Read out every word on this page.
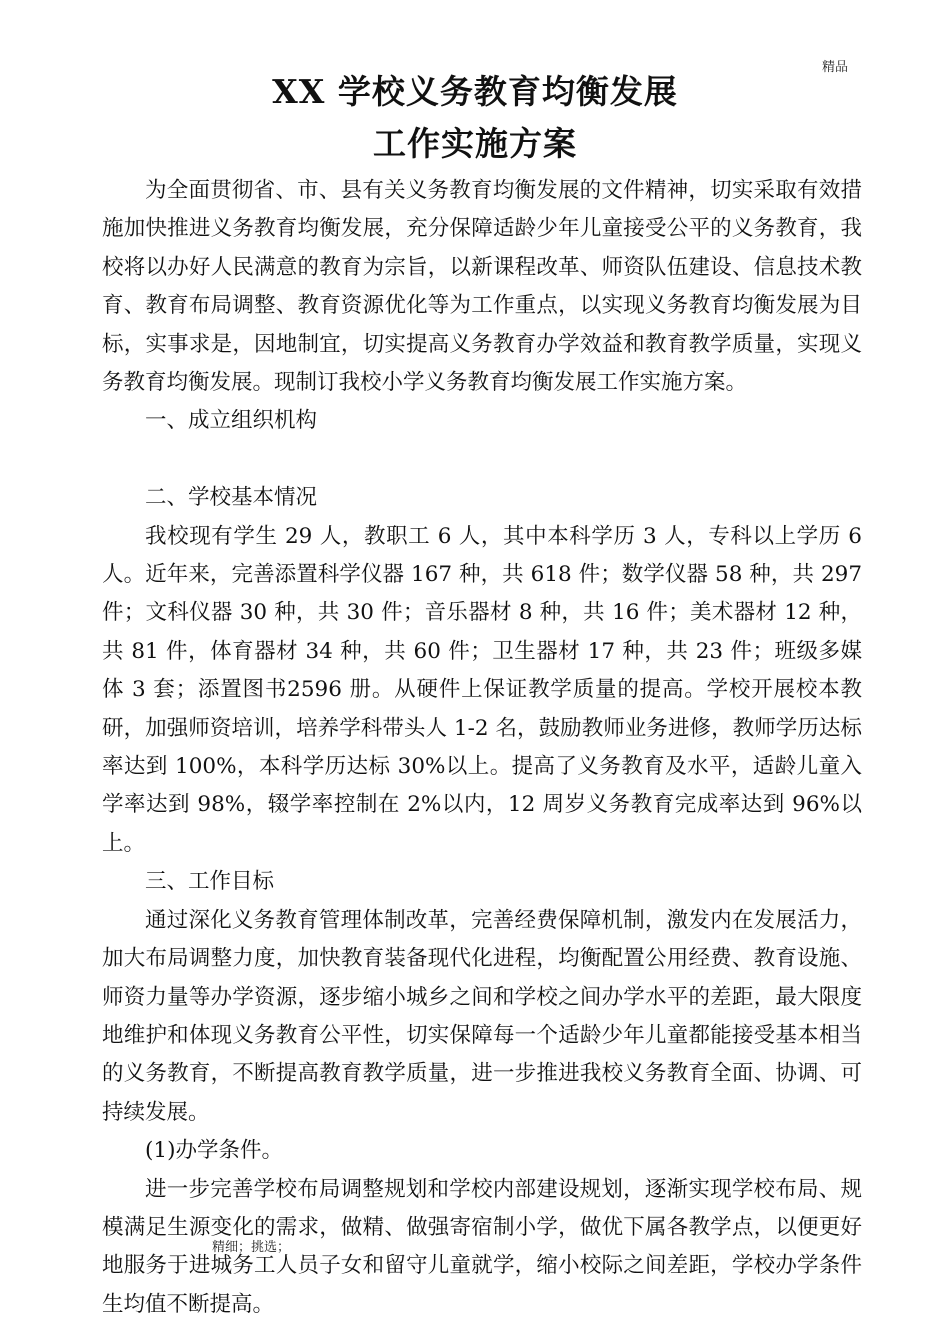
精品
XX 学校义务教育均衡发展
工作实施方案

为全面贯彻省、市、县有关义务教育均衡发展的文件精神，切实采取有效措施加快推进义务教育均衡发展，充分保障适龄少年儿童接受公平的义务教育，我校将以办好人民满意的教育为宗旨，以新课程改革、师资队伍建设、信息技术教育、教育布局调整、教育资源优化等为工作重点，以实现义务教育均衡发展为目标，实事求是，因地制宜，切实提高义务教育办学效益和教育教学质量，实现义务教育均衡发展。现制订我校小学义务教育均衡发展工作实施方案。

一、成立组织机构

二、学校基本情况

我校现有学生 29 人，教职工 6 人，其中本科学历 3 人，专科以上学历 6 人。近年来，完善添置科学仪器 167 种，共 618 件；数学仪器 58 种，共 297 件；文科仪器 30 种，共 30 件；音乐器材 8 种，共 16 件；美术器材 12 种，共 81 件，体育器材 34 种，共 60 件；卫生器材 17 种，共 23 件；班级多媒体 3 套；添置图书2596 册。从硬件上保证教学质量的提高。学校开展校本教研，加强师资培训，培养学科带头人 1-2 名，鼓励教师业务进修，教师学历达标率达到 100%，本科学历达标 30%以上。提高了义务教育及水平，适龄儿童入学率达到 98%，辍学率控制在 2%以内，12 周岁义务教育完成率达到 96%以上。

三、工作目标

通过深化义务教育管理体制改革，完善经费保障机制，激发内在发展活力，加大布局调整力度，加快教育装备现代化进程，均衡配置公用经费、教育设施、师资力量等办学资源，逐步缩小城乡之间和学校之间办学水平的差距，最大限度地维护和体现义务教育公平性，切实保障每一个适龄少年儿童都能接受基本相当的义务教育，不断提高教育教学质量，进一步推进我校义务教育全面、协调、可持续发展。

(1)办学条件。

进一步完善学校布局调整规划和学校内部建设规划，逐渐实现学校布局、规模满足生源变化的需求，做精、做强寄宿制小学，做优下属各教学点，以便更好地服务于进城务工人员子女和留守儿童就学，缩小校际之间差距，学校办学条件生均值不断提高。

精细；挑选；
